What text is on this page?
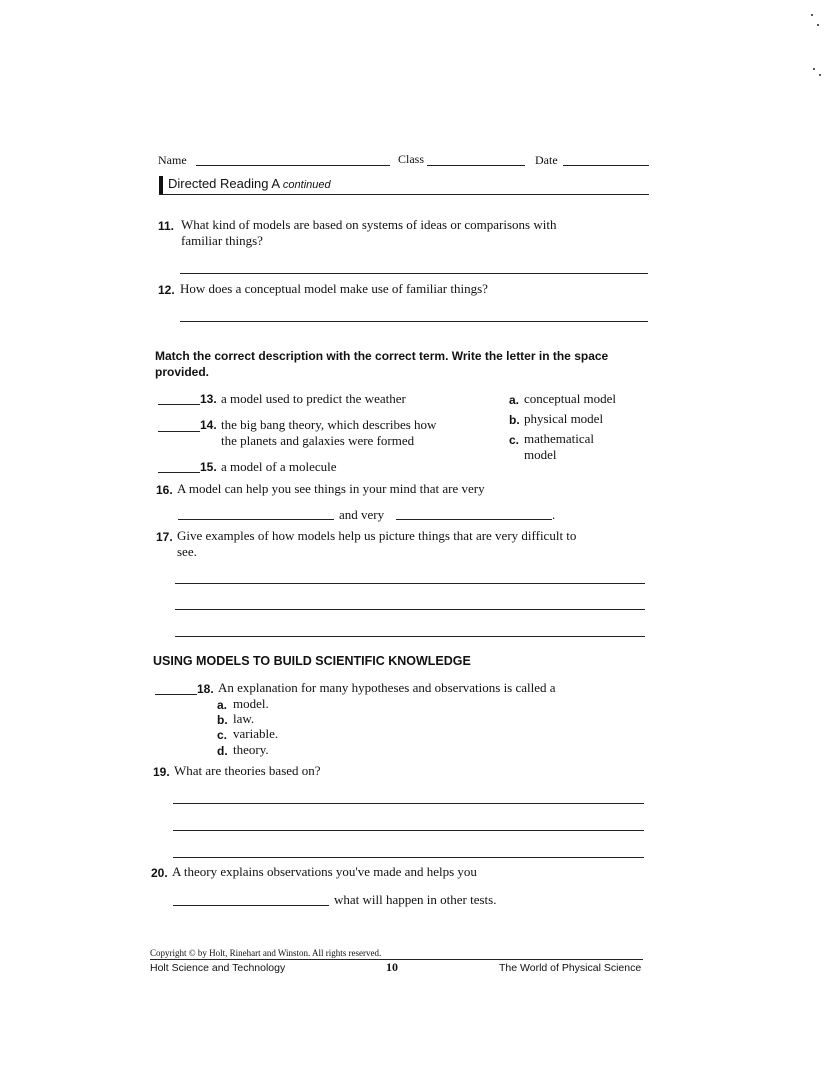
Name	Class	Date
Directed Reading A continued
11. What kind of models are based on systems of ideas or comparisons with
familiar things?
12. How does a conceptual model make use of familiar things?
Match the correct description with the correct term. Write the letter in the space
provided.
13. a model used to predict the weather
14. the big bang theory, which describes how
the planets and galaxies were formed
15. a model of a molecule
a. conceptual model
b. physical model
c. mathematical
model
16. A model can help you see things in your mind that are very
and very	.
17. Give examples of how models help us picture things that are very difficult to
see.
USING MODELS TO BUILD SCIENTIFIC KNOWLEDGE
18. An explanation for many hypotheses and observations is called a
a. model.
b. law.
c. variable.
d. theory.
19. What are theories based on?
20. A theory explains observations you've made and helps you
what will happen in other tests.
Copyright © by Holt, Rinehart and Winston. All rights reserved.
Holt Science and Technology	10	The World of Physical Science
